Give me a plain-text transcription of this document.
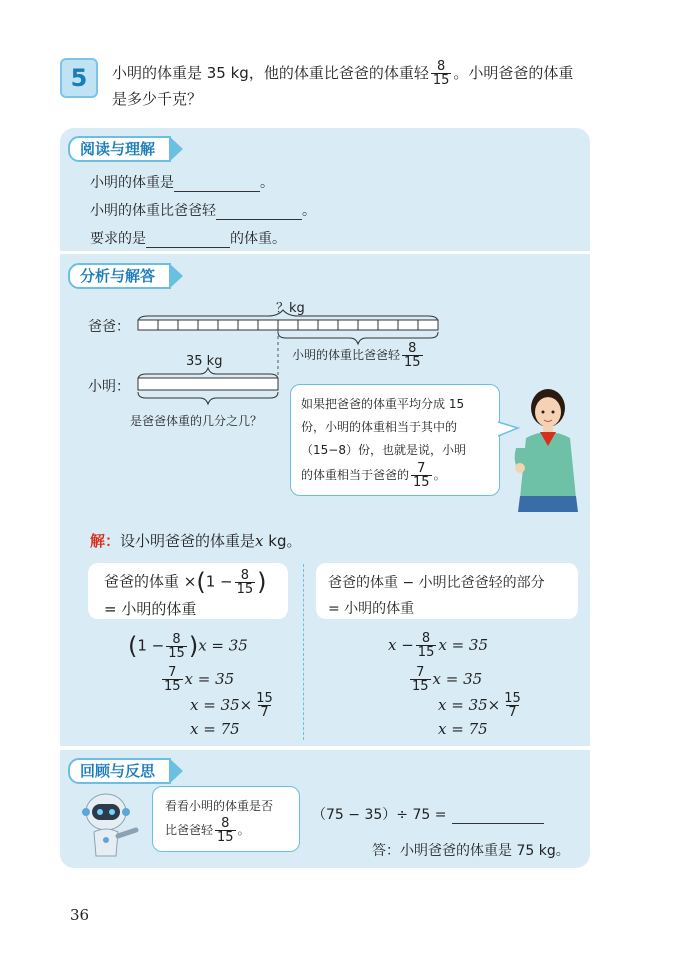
5	小明的体重是 35 kg，他的体重比爸爸的体重轻 $\frac{8}{15}$ 。小明爸爸的体重
是多少千克？
阅读与理解
小明的体重是	。
小明的体重比爸爸轻	。
要求的是	的体重。
分析与解答
？kg
爸爸：
小明的体重比爸爸轻 $\frac{8}{15}$
35 kg
小明：
是爸爸体重的几分之几？
如果把爸爸的体重平均分成 15
份，小明的体重相当于其中的
（15−8）份，也就是说，小明
的体重相当于爸爸的 $\frac{7}{15}$ 。
解：设小明爸爸的体重是x kg。
爸爸的体重 $\times(1 - \frac{8}{15}$ )
= 小明的体重
$(1 - \frac{8}{15} )x = 35$
$\frac{7}{15}$ x = 35
$x = 35\times \frac{15}{7}$
x = 75
爸爸的体重 − 小明比爸爸轻的部分
= 小明的体重
$x - \frac{8}{15}$ x = 35
$\frac{7}{15}$ x = 35
$x = 35\times \frac{15}{7}$
x = 75
回顾与反思
看看小明的体重是否
比爸爸轻 $\frac{8}{15}$ 。
（75 − 35）÷ 75 =
答：小明爸爸的体重是 75 kg。
36
